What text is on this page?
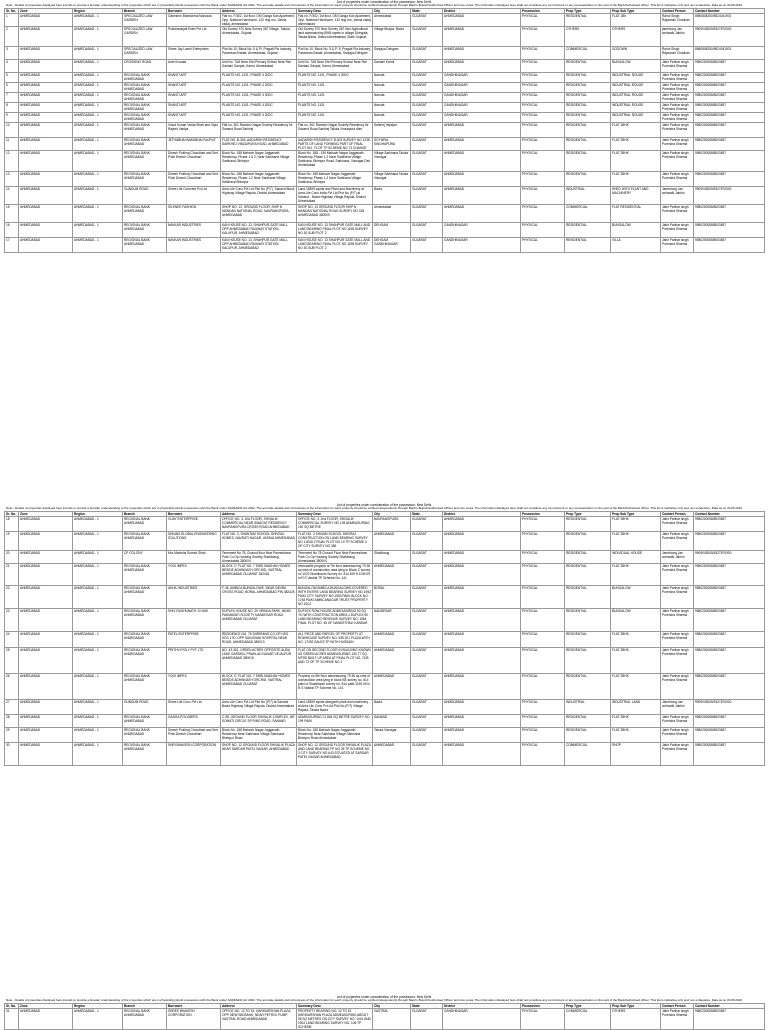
List of properties under consideration of the possession: New Delhi
Note - Details of properties displayed here intends to provide a broader understanding of the properties which are in physical/symbolic possession with the Bank under SARFAESI Act 2002. The accurate details and correctness of the information for each property should be verified independently through Bank's Branch/Authorised Officer and vice versa. The information displayed here shall not constitute any commitment or any representation on the part of the Bank/Authorised officer. This list is indicative only and non exhaustive. Data as on 30.06.2022
Sr. No.	Zone	Region	Branch	Borrower	Address	Summary Desc	City	State	District	Possession	Prop Type	Prop Sub Type	Contact Person	Contact Number
1	AHMEDABAD	AHMEDABAD - 1	SPECIALIZED LAW GARDEN	Ganeshm Bhavsinhai Marvada	Flat no. F/302, 1st floor, OM Ganga Kan Apartment, Opp. National Handloom, 132 ring rno, Vasna vadaj, ahmedabad	Flat no. F/302, 1st floor, OM Ganga Kan Apartment, Opp. National Handloom, 132 ring rno, Vasna vadaj ahmedabad	Ahmedabad	GUJARAT	AHMEDABAD	PHYSICAL	RESIDENTIAL	FLAT 1BK	Rahul Singh Rajwansh Chauhan	8980808250/9824041901
2	AHMEDABAD	AHMEDABAD - 1	SPECIALIZED LAW GARDEN	Pushkaranjali Enter Pvt Ltd	Old Survey 370 New Survey 367 Village, Taluka, Ahmedabad, Gujarat	Old Survey 370 New Survey 367 Non Agricultural land admeasuring 8945 sqmts in village Dhingala, Taluka Bavla, District Ahmedabad, State Gujarat	Village Bhayla, Bavla	GUJARAT	AHMEDABAD	PHYSICAL	OTHERS	OTHERS	jambhong Jan wolrwalk Jabirin	9909043005/9327870000
3	AHMEDABAD	AHMEDABAD - 1	SPECIALIZED LAW GARDEN	Shree Jay Laxmi Enterprises	Plot No 10, Block No. 5 & Pl. Pragati Pla Industry, Paramvan Estate, Ahmedabad, Gujarat	Plot No 10, Block No. 5 & P: 5, Pragati Pla Industry, Paramvan Estate, Ahmedabad, Sanjaya Dehgam	Sanjaya Dehgam	GUJARAT	AHMEDABAD	PHYSICAL	COMMERCIAL	GODOWN	Rahul Singh Rajwansh Chauhan	8980808250/9824041901
4	AHMEDABAD	AHMEDABAD - 1	CROSSING ROAD	Aneri Kosala	Unit No. 7&8 Near Shri Primary School Near Raf Dantani Ganpat, Karmi, Ahmedabad	Unit No. 7&8 Near Shri Primary School Near Raf Dantani Ganpat, Karmi, Ahmedabad	Dantani Karmi	GUJARAT	AHMEDABAD	PHYSICAL	RESIDENTIAL	BUNGALOW	Jabir Parihar singh Purendra Sharma	9980200058/8003657
5	AHMEDABAD	AHMEDABAD - 1	REGIONAL BANK AHMEDABAD	SHANTI ART	PLANTS NO. 1101, PHASE 4 GIDC	PLANTS NO. 1101, PHASE 4 GIDC	Naroda	GUJARAT	GANDHINAGAR	PHYSICAL	RESIDENTIAL	INDUSTRIAL ROUGE	Jabir Parihar singh Purendra Sharma	9980200058/8003657
6	AHMEDABAD	AHMEDABAD - 1	REGIONAL BANK AHMEDABAD	SHANTI ART	PLANTS NO. 1101, PHASE 4 GIDC	PLANTS NO. 1101	Naroda	GUJARAT	GANDHINAGAR	PHYSICAL	RESIDENTIAL	INDUSTRIAL ROUGE	Jabir Parihar singh Purendra Sharma	9980200058/8003657
7	AHMEDABAD	AHMEDABAD - 1	REGIONAL BANK AHMEDABAD	SHANTI ART	PLANTS NO. 1101, PHASE 4 GIDC	PLANTS NO. 1101	Naroda	GUJARAT	GANDHINAGAR	PHYSICAL	RESIDENTIAL	INDUSTRIAL ROUGE	Jabir Parihar singh Purendra Sharma	9980200058/8003657
8	AHMEDABAD	AHMEDABAD - 1	REGIONAL BANK AHMEDABAD	SHANTI ART	PLANTS NO. 1101, PHASE 4 GIDC	PLANTS NO. 1101	Naroda	GUJARAT	GANDHINAGAR	PHYSICAL	RESIDENTIAL	INDUSTRIAL ROUGE	Jabir Parihar singh Purendra Sharma	9980200058/8003657
9	AHMEDABAD	AHMEDABAD - 1	REGIONAL BANK AHMEDABAD	SHANTI ART	PLANTS NO. 1101, PHASE 4 GIDC	PLANTS NO. 1101	Naroda	GUJARAT	GANDHINAGAR	PHYSICAL	RESIDENTIAL	INDUSTRIAL ROUGE	Jabir Parihar singh Purendra Sharma	9980200058/8003657
10	AHMEDABAD	AHMEDABAD - 1	REGIONAL BANK AHMEDABAD	Vinod Kumar Varda Shah and Vipul Rajesh Vaidya	Flat no. 301 Ramdev Nagar Society Residency Nr Sanand Road Sarkhej	Flat no. 301 Ramdev Nagar Society Residency Nr Sanand Road Sarkhej Taluka Vinzaipura dhm	Sarkhej Vejalpur	GUJARAT	AHMEDABAD	PHYSICAL	RESIDENTIAL	FLAT 1BHK	Jabir Parihar singh Purendra Sharma	9980200058/8003657
11	AHMEDABAD	AHMEDABAD - 1	REGIONAL BANK AHMEDABAD	JETHABHAI BABUBHAI RAJPUT	FLAT NO. B-303, AADARSH RESIDENCY, SARKHEJ VINZAIPURA ROAD, AHMEDABAD	AADARSH RESIDENCY B-303 SURVEY NO 1238 PARTS OF LAND FORMING PART OF FINAL PLOT NO. 72 OF TP SCHEME NO 73 CHANGE	SOYNPAL SINGHAPURA	GUJARAT	AHMEDABAD	PHYSICAL	RESIDENTIAL	FLAT 2BHK	Jabir Parihar singh Purendra Sharma	9980200058/8003657
12	AHMEDABAD	AHMEDABAD - 1	REGIONAL BANK AHMEDABAD	Dinesh Pukhraj Choudhari and Smt. Pinki Dinesh Choudhari	Block No. 188 Mahavir Nagar Jagganath Residency, Phase 1 & 2, Near Sarkhana Village Sarkhana, Bhimpur	Block No. 188 - 190 Mahavir Nagar Jagganath Residency Phase 1-2 Near Sarkhana Village Sarkhana, Bhimpur Road, Sarkhana, Visnagar Dist Ahmedabad	Village Sarkhana Taluka Visnagar	GUJARAT	AHMEDABAD	PHYSICAL	RESIDENTIAL	FLAT 2BHK	Jabir Parihar singh Purendra Sharma	9980200058/8003657
13	AHMEDABAD	AHMEDABAD - 1	REGIONAL BANK AHMEDABAD	Dinesh Pukhraj Choudhari and Smt. Pinki Dinesh Choudhari	Block No. 188 Mahavir Nagar Jagganath Residency, Phase 1-2 Near Sarkhana Village Sarkhana Bhimpur	Block No. 188 Mahavir Nagar Jagganath Residency Phase 1-2 Near Sarkhana Village Sarkhana, Bhimpur	Village Sarkhana Taluka Visnagar	GUJARAT	AHMEDABAD	PHYSICAL	RESIDENTIAL	FLAT 2BHK	Jabir Parihar singh Purendra Sharma	9980200058/8003657
14	AHMEDABAD	AHMEDABAD - 1	GUNDUM ROAD	Shree Lile Concrete Pvt Ltd	Area Lile Conc Pvt Ltd Plot No (P/7), Sanand Block Highway Village Rajoda, District Ahmedabad	Land 18359 sqmts and Plant and Machinery at Area Lile Conc India Pvt Ltd Plot No (P/7) at Sanand - Bavla Highway Village Rajoda, District Ahmedabad	Bavla	GUJARAT	AHMEDABAD	PHYSICAL	INDUSTRIAL	SHED WITH PLANT AND MACHINERY	Jambhong Jan wolrwalk Jabirin	9909043005/9327870000
15	AHMEDABAD	AHMEDABAD - 1	REGIONAL BANK AHMEDABAD	SILKNEE FASHION	SHOP NO. 13, GROUND FLOOR, SHIP N MANDAN NATIONAL ROAD, NAVRANGPURA, AHMEDABAD	SHOP NO. 13 GROUND FLOOR SHIP N MANDAN NATIONAL ROAD SURVEY NO 228 AHMEDABAD 380009	Ahmedabad	GUJARAT	AHMEDABAD	PHYSICAL	COMMERCIAL	FLAT RESIDENTIAL	Jabir Parihar singh Purendra Sharma	9980200058/8003657
16	AHMEDABAD	AHMEDABAD - 1	REGIONAL BANK AHMEDABAD	NAVKAR INDUSTRIES	KAN HOUSE NO. 13, SHAHPUR GATE MALL OPP AHMEDABAD RAILWAY STATION, KALUPUR, AHMEDABAD	KAN HOUSE NO. 13 SHAHPUR GATE MALL AND LAND BEARING FINAL PLOT NO 1198 SURVEY NO 30 SUB PLOT 2	DEHGAM	GUJARAT	GANDHINAGAR	PHYSICAL	RESIDENTIAL	BUNGALOW	Jabir Parihar singh Purendra Sharma	9980200058/8003657
17	AHMEDABAD	AHMEDABAD - 1	REGIONAL BANK AHMEDABAD	NAVKAR INDUSTRIES	KAN HOUSE NO. 13, SHAHPUR GATE MALL OPP AHMEDABAD RAILWAY STATION, KALUPUR, AHMEDABAD	KAN HOUSE NO. 13 SHAHPUR GATE MALL AND LAND BEARING FINAL PLOT NO 1198 SURVEY NO 30 SUB PLOT 2	DEHGAM, GANDHINAGAR	GUJARAT	GANDHINAGAR	PHYSICAL	RESIDENTIAL	VILLA	Jabir Parihar singh Purendra Sharma	9980200058/8003657
List of properties under consideration of the possession: New Delhi
Note - Details of properties displayed here intends to provide a broader understanding of the properties which are in physical/symbolic possession with the Bank under SARFAESI Act 2002. The accurate details and correctness of the information for each property should be verified independently through Bank's Branch/Authorised Officer and vice versa. The information displayed here shall not constitute any commitment or any representation on the part of the Bank/Authorised officer. This list is indicative only and non exhaustive. Data as on 30.06.2022
Sr. No.	Zone	Region	Branch	Borrower	Address	Summary Desc	City	State	District	Possession	Prop Type	Prop Sub Type	Contact Person	Contact Number
18	AHMEDABAD	AHMEDABAD - 1	REGIONAL BANK AHMEDABAD	VIJAY ENTERPRISE	OFFICE NO. 3, 2nd FLOOR, SHIVALIK COMMERCIAL NEAR SWAGAT RESIDENCY NAVRANGPURA CROSS ROAD AHMEDABAD	OFFICE NO. 3, 2nd FLOOR, SHIVALIK COMMERCIAL SURVEY NO 135 ADMEASURING 152 SQ METRE	NAVRANGPURA	GUJARAT	AHMEDABAD	PHYSICAL	RESIDENTIAL	FLAT 2BHK	Jabir Parihar singh Purendra Sharma	9980200058/8003657
19	AHMEDABAD	AHMEDABAD - 1	REGIONAL BANK AHMEDABAD	SHIVAM GLOBAL ENGINEERING SOLUTIONS	FLAT NO. 3, SHANTAM SCHOOL SHIVRAJ HOMES, NAVRATI NAGAR, VATAVA AHMEDABAD	FLAT NO. 3 SHIVAM SCHOOL SHIVRAJ CONSTRUCTION ON LAND BEARING SURVEY NO 1 AND 2 FINAL PLOT NO 10 TP SCHEME 3 OF CITY SURVEY NO 356	AHMEDABAD	GUJARAT	AHMEDABAD	PHYSICAL	RESIDENTIAL	FLAT 2BHK	Jabir Parihar singh Purendra Sharma	9980200058/8003657
20	AHMEDABAD	AHMEDABAD - 1	CP COLONY	Mrs Manisha Suresh Shah	Tenement No 78, Ground floor New Parmeshwar Park Co Op Housing Society Shahibaug, Ahmedabad 380004	Tenement No 78 Ground Floor New Parmeshwar Park Co Op Housing Society Shahibaug Ahmedabad 380004	Shahibaug	GUJARAT	AHMEDABAD	PHYSICAL	RESIDENTIAL	INDIVIDUAL HOUSE	Jambhong Jan wolrwalk Jabirin	9909043005/9327870000
21	AHMEDABAD	AHMEDABAD - 1	REGIONAL BANK AHMEDABAD	YOGI IMPEX	BLOCK 'C' FLAT NO. 7 SHRI MADHAV HOMES BESIDE ADHINNATH ORCHID, VASTRAL AHMEDABAD GUJARAT 382418	immovable property at 7th floor admeasuring 79.36 sq mtrs of construction area lying in Block C survey no 1022 Shahibaum Survey no. 814 819 ft 1139.09 in R.S Vastral TP Scheme No. 141	AHMEDABAD	GUJARAT	AHMEDABAD	PHYSICAL	RESIDENTIAL	FLAT 2BHK	Jabir Parihar singh Purendra Sharma	9980200058/8003657
22	AHMEDABAD	AHMEDABAD - 1	REGIONAL BANK AHMEDABAD	AKHIL INDUSTRIES	F-36, AMBICA BUNGALOWS, NEAR INDIRA CROSS ROAD, BORAL AHMEDABAD PIN 382425	BUNGALOW AMBICA BUNGALOWS COVERED WITH ENTIRE LAND BEARING SURVEY NO 1953 PAIKI CITY SURVEY NO 1953 PAIKI BLOCK NO. 1748 PAIKI AMBICANAGAR TRUST PROPERTY NO 16C2	BORAL	GUJARAT	AHMEDABAD	PHYSICAL	RESIDENTIAL	BUNGALOW	Jabir Parihar singh Purendra Sharma	9980200058/8003657
23	AHMEDABAD	AHMEDABAD - 1	REGIONAL BANK AHMEDABAD	SHIV RAGHUNATH JI HUM	DUPLEX HOUSE NO. 29 VRINDA PARK, NEAR PADMAVATI SOCIETY NANDESAR ROAD, AHMEDABAD GUJARAT	DUPLEX ROW HOUSE ADMEASURING 90 SQ YD WITH CONSTRUCTION AREA 1 DUPLEX 50 LAND BEARING REVENUE SURVEY NO. 1564 FINAL PLOT NO. 45 OF NANDSTHALI KANSAR	NANDESAR	GUJARAT	AHMEDABAD	PHYSICAL	RESIDENTIAL	BUNGALOW	Jabir Parihar singh Purendra Sharma	9980200058/8003657
24	AHMEDABAD	AHMEDABAD - 1	REGIONAL BANK AHMEDABAD	PATEL ENTERPRISE	RESIDENCE NO. 75 SHRIRANG CO-OP HSG SOC LTD, OPP SANJIVANI HOSPITAL NEAR ROAD, AHMEDABAD 380013	ALL PIECE AND PARCEL OF PROPERTY AT ROWHOUSE SURVEY NO. 535 301 PLAZA WITH NO. 17292 SALES TP WITH HUSSAIN	AHMEDABAD	GUJARAT	AHMEDABAD	PHYSICAL	RESIDENTIAL	FLAT 2BHK	Jabir Parihar singh Purendra Sharma	9980200058/8003657
25	AHMEDABAD	AHMEDABAD - 1	REGIONAL BANK AHMEDABAD	PRITHVI POLY PVT LTD	NO. 43-301, GREEN ACRES OPPOSITE AUDA LAKE GARDEN, PRAHLAD NAGAR VEJALPUR AHMEDABAD 380015	FLAT ON SECOND FLOOR IN BUILDING KNOWN AS GREEN ACRES ADMEASURING 130.77 SQ MTRS BUILT UP AREA AT FINAL PLOT NO. 71/B AND 72 OF TP SCHEME NO 1	AHMEDABAD	GUJARAT	AHMEDABAD	PHYSICAL	RESIDENTIAL	FLAT 2BHK	Jabir Parihar singh Purendra Sharma	9980200058/8003657
26	AHMEDABAD	AHMEDABAD - 1	REGIONAL BANK AHMEDABAD	YOGI IMPEX	BLOCK 'C' FLAT NO. 7 SHRI MADHAV HOMES BESIDE ADHINNATH ORCHID, VASTRAL AHMEDABAD GUJARAT	Property on 9th floor admeasuring 79.36 sq mtrs of construction area lying in block BE survey no. 814 paiki of Shahibaum survey no. 814 paiki 1139.09 in R.S Vastral TP Scheme No. 141	AHMEDABAD	GUJARAT	AHMEDABAD	PHYSICAL	RESIDENTIAL	FLAT 2BHK	Jabir Parihar singh Purendra Sharma	9980200058/8003657
27	AHMEDABAD	AHMEDABAD - 1	GUNDUM ROAD	Shree Lile Conc Pvt Ltd	Area Lile Conc Pvt Ltd Plot No (P/7) at Sanand Bavla Highway Village Rajoda, District Ahmedabad	Land 18359 sqmts alongwith plant and machinery at Area Lile Conc Pvt Ltd Plot No (P/7) Village Rajoda, Taluka Bavla	Bavla	GUJARAT	AHMEDABAD	PHYSICAL	INDUSTRIAL	INDUSTRIAL LAND	Jambhong Jan wolrwalk Jabirin	9909043005/9327870000
28	AHMEDABAD	AHMEDABAD - 1	REGIONAL BANK AHMEDABAD	GANGA POLYMERS	C-98, GROUND FLOOR SHIVALIK COMPLEX, NR SOMATI CIRCLE SP RING ROAD, SANAND	ADMEASURING 21 864 SQ METRE SURVEY NO 199 PAIKI	SANAND	GUJARAT	AHMEDABAD	PHYSICAL	RESIDENTIAL	FLAT 2BHK	Jabir Parihar singh Purendra Sharma	9980200058/8003657
29	AHMEDABAD	AHMEDABAD - 1	REGIONAL BANK AHMEDABAD	Dinesh Pukhraj Choudhari and Smt. Pinki Dinesh Choudhari	Block No. 188 Mahavir Nagar Jagganath Residency Near Sarkhana Village Sarkhana Bhimpur Road	Block No. 188 Mahavir Nagar Jagganath Residency Near Sarkhana Village Sarkhana Bhimpur Road Ahmedabad	Taluka Visnagar	GUJARAT	AHMEDABAD	PHYSICAL	RESIDENTIAL	FLAT 2BHK	Jabir Parihar singh Purendra Sharma	9980200058/8003657
30	AHMEDABAD	AHMEDABAD - 1	REGIONAL BANK AHMEDABAD	SHRI BHAVESH CORPORATION	SHOP NO. 12 GROUND FLOOR SHIVALIK PLAZA NEAR SARDAR PATEL NAGAR, AHMEDABAD	SHOP NO. 12 GROUND FLOOR SHIVALIK PLAZA AND LAND BEARING FP NO 35 TP SCHEME NO 3 CITY SURVEY NO 643 SITUATED AT SARDAR PATEL NAGAR AHMEDABAD	AHMEDABAD	GUJARAT	AHMEDABAD	PHYSICAL	COMMERCIAL	SHOP	Jabir Parihar singh Purendra Sharma	9980200058/8003657
List of properties under consideration of the possession: New Delhi
Note - Details of properties displayed here intends to provide a broader understanding of the properties which are in physical/symbolic possession with the Bank under SARFAESI Act 2002. The accurate details and correctness of the information for each property should be verified independently through Bank's Branch/Authorised Officer and vice versa. The information displayed here shall not constitute any commitment or any representation on the part of the Bank/Authorised officer. This list is indicative only and non exhaustive. Data as on 30.06.2022
Sr. No.	Zone	Region	Branch	Borrower	Address	Summary Desc	City	State	District	Possession	Prop Type	Prop Sub Type	Contact Person	Contact Number
31	AHMEDABAD	AHMEDABAD - 1	REGIONAL BANK AHMEDABAD	SHREE BHAVESH CORPORATION	OFFICE NO. 12 TO 15, HARIDARSHAN PLAZA, OPP. NEW SBI BANK, NEAR PETROL PUMP, VASTRAL ROAD AHMEDABAD	PROPERTY BEARING NO. 12 TO 15 HARIDARSHAN PLAZA ADMEASURING ABOUT 95 SQ METRES ON CITY SURVEY NO. 1001 AND 1002 LAND BEARING SURVEY NO. 106 TP SCHEME	VASTRAL	GUJARAT	GANDHINAGAR	PHYSICAL	COMMERCIAL	OTHERS	Jabir Parihar singh Purendra Sharma	9980200058/8003657
